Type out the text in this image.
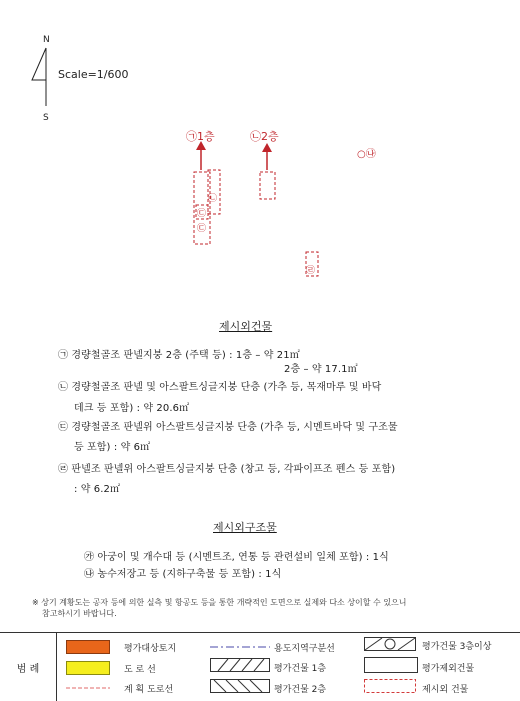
N
S
Scale=1/600
㉠1층	㉡2층
○㉯
㉡
㉢
㉢
㉣
제시외건물
㉠ 경량철골조 판넬지붕 2층 (주택 등) : 1층 – 약 21㎡
2층 – 약 17.1㎡
㉡ 경량철골조 판넬 및 아스팔트싱글지붕 단층 (가추 등, 목재마루 및 바닥
데크 등 포함) : 약 20.6㎡
㉢ 경량철골조 판넬위 아스팔트싱글지붕 단층 (가추 등, 시멘트바닥 및 구조물
등 포함) : 약 6㎡
㉣ 판넬조 판넬위 아스팔트싱글지붕 단층 (창고 등, 각파이프조 펜스 등 포함)
: 약 6.2㎡
제시외구조물
㉮ 아궁이 및 개수대 등 (시멘트조, 연통 등 관련설비 일체 포함) : 1식
㉯ 농수저장고 등 (지하구축물 등 포함) : 1식
※ 상기 계황도는 공자 등에 의한 실측 및 항공도 등을 통한 개략적인 도면으로 실제와 다소 상이할 수 있으니
참고하시기 바랍니다.
범 례
평가대상토지
도 로 선
계 획 도로선
용도지역구분선
평가건물 1층
평가건물 2층
평가건물 3층이상
평가제외건물
제시외 건물
